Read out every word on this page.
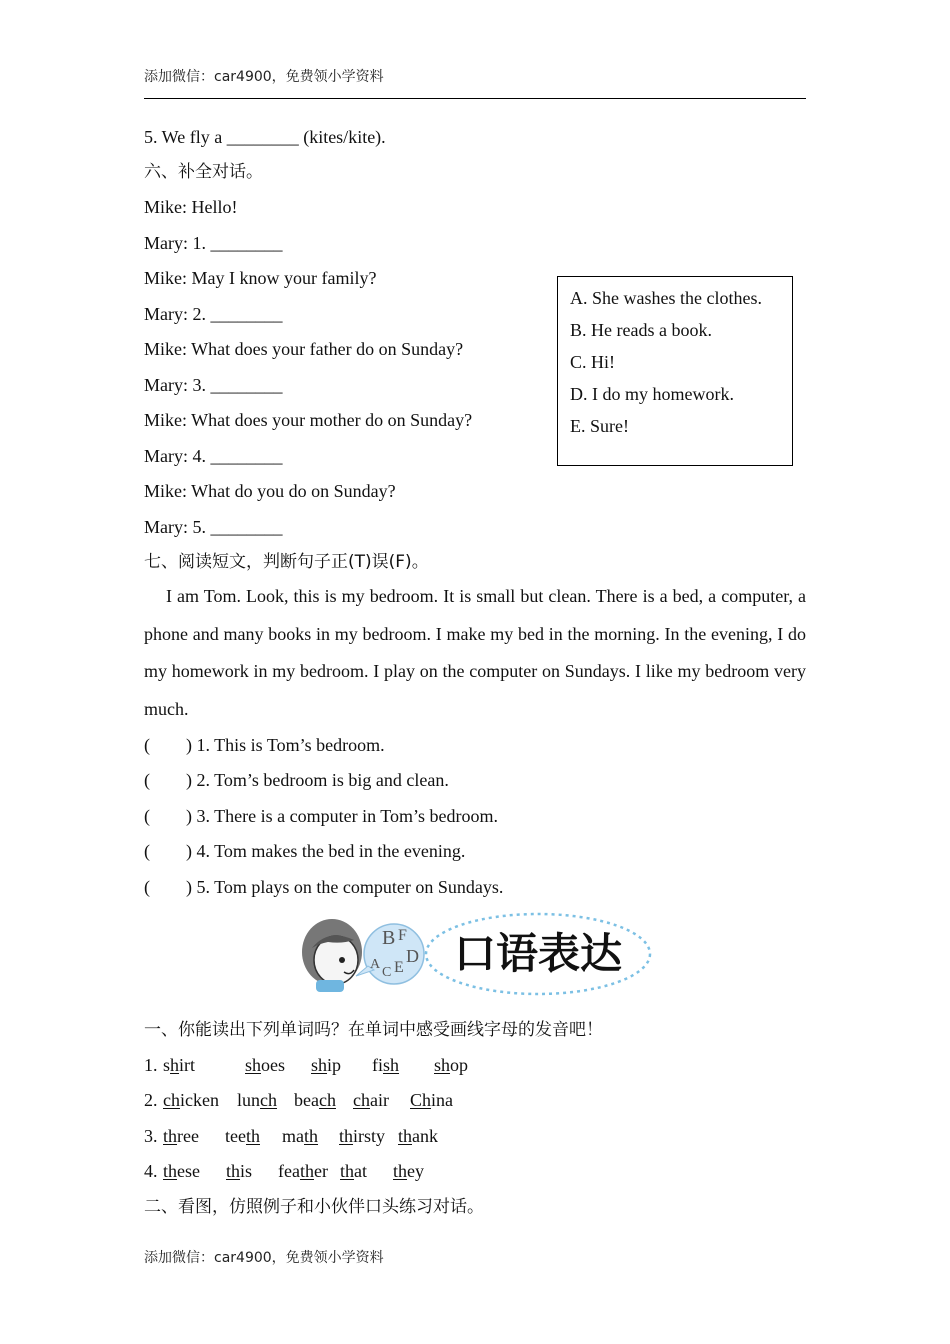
添加微信：car4900，免费领小学资料
5. We fly a ________ (kites/kite).
六、补全对话。
Mike: Hello!
Mary: 1. ________
Mike: May I know your family?
Mary: 2. ________
Mike: What does your father do on Sunday?
Mary: 3. ________
Mike: What does your mother do on Sunday?
Mary: 4. ________
Mike: What do you do on Sunday?
Mary: 5. ________
A. She washes the clothes.
B. He reads a book.
C. Hi!
D. I do my homework.
E. Sure!
七、阅读短文，判断句子正(T)误(F)。
I am Tom. Look, this is my bedroom. It is small but clean. There is a bed, a computer, a phone and many books in my bedroom. I make my bed in the morning. In the evening, I do my homework in my bedroom. I play on the computer on Sundays. I like my bedroom very much.
(        ) 1. This is Tom’s bedroom.
(        ) 2. Tom’s bedroom is big and clean.
(        ) 3. There is a computer in Tom’s bedroom.
(        ) 4. Tom makes the bed in the evening.
(        ) 5. Tom plays on the computer on Sundays.
A
B
C
D
E
F 口语表达
一、你能读出下列单词吗？在单词中感受画线字母的发音吧！
1. shirt	shoes ship fish shop
2. chicken lunch beach chair China
3. three teeth math thirsty thank
4. these this feather that they
二、看图，仿照例子和小伙伴口头练习对话。
添加微信：car4900，免费领小学资料
